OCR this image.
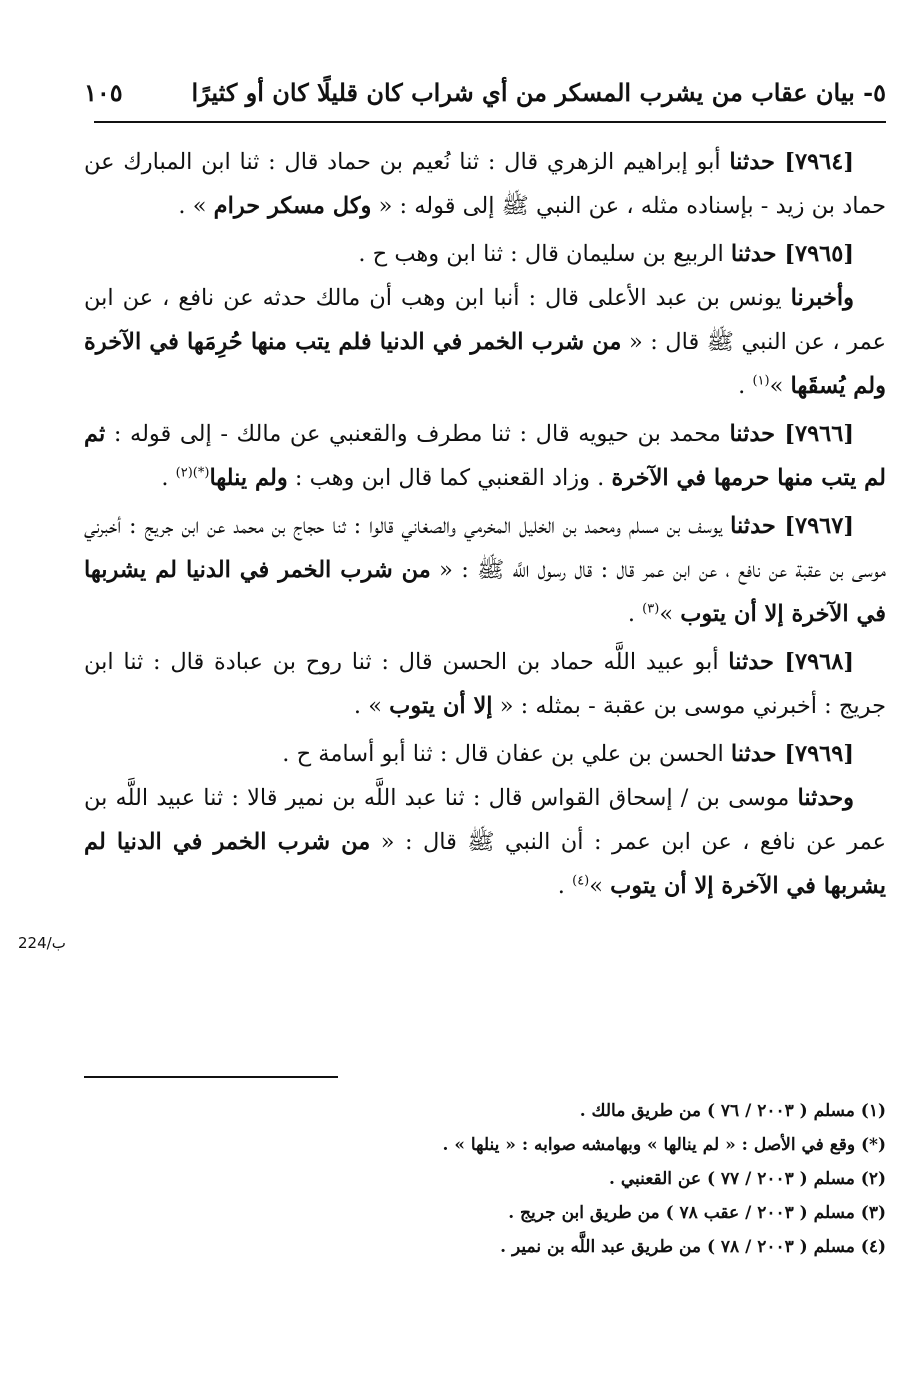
٥- بيان عقاب من يشرب المسكر من أي شراب كان قليلًا كان أو كثيرًا
١٠٥

[٧٩٦٤] حدثنا أبو إبراهيم الزهري قال : ثنا نُعيم بن حماد قال : ثنا ابن المبارك عن حماد بن زيد - بإسناده مثله ، عن النبي ﷺ إلى قوله : « وكل مسكر حرام » .

[٧٩٦٥] حدثنا الربيع بن سليمان قال : ثنا ابن وهب ح .

وأخبرنا يونس بن عبد الأعلى قال : أنبا ابن وهب أن مالك حدثه عن نافع ، عن ابن عمر ، عن النبي ﷺ قال : « من شرب الخمر في الدنيا فلم يتب منها حُرِمَها في الآخرة ولم يُسقَها »$^{(١)}$ .

[٧٩٦٦] حدثنا محمد بن حيويه قال : ثنا مطرف والقعنبي عن مالك - إلى قوله : ثم لم يتب منها حرمها في الآخرة . وزاد القعنبي كما قال ابن وهب : ولم ينلها$^{(*)(٢)}$ .

[٧٩٦٧] حدثنا يوسف بن مسلم ومحمد بن الخليل المخرمي والصغاني قالوا : ثنا حجاج بن محمد عن ابن جريج : أخبرني موسى بن عقبة عن نافع ، عن ابن عمر قال : قال رسول اللَّه ﷺ : « من شرب الخمر في الدنيا لم يشربها في الآخرة إلا أن يتوب »$^{(٣)}$ .

[٧٩٦٨] حدثنا أبو عبيد اللَّه حماد بن الحسن قال : ثنا روح بن عبادة قال : ثنا ابن جريج : أخبرني موسى بن عقبة - بمثله : « إلا أن يتوب » .

[٧٩٦٩] حدثنا الحسن بن علي بن عفان قال : ثنا أبو أسامة ح .

وحدثنا موسى بن / إسحاق القواس قال : ثنا عبد اللَّه بن نمير قالا : ثنا عبيد اللَّه بن عمر عن نافع ، عن ابن عمر : أن النبي ﷺ قال : « من شرب الخمر في الدنيا لم يشربها في الآخرة إلا أن يتوب »$^{(٤)}$ .

(١) مسلم ( ٢٠٠٣ / ٧٦ ) من طريق مالك .

(*) وقع في الأصل : « لم ينالها » وبهامشه صوابه : « ينلها » .

(٢) مسلم ( ٢٠٠٣ / ٧٧ ) عن القعنبي .

(٣) مسلم ( ٢٠٠٣ / عقب ٧٨ ) من طريق ابن جريج .

(٤) مسلم ( ٢٠٠٣ / ٧٨ ) من طريق عبد اللَّه بن نمير .

224/ب
